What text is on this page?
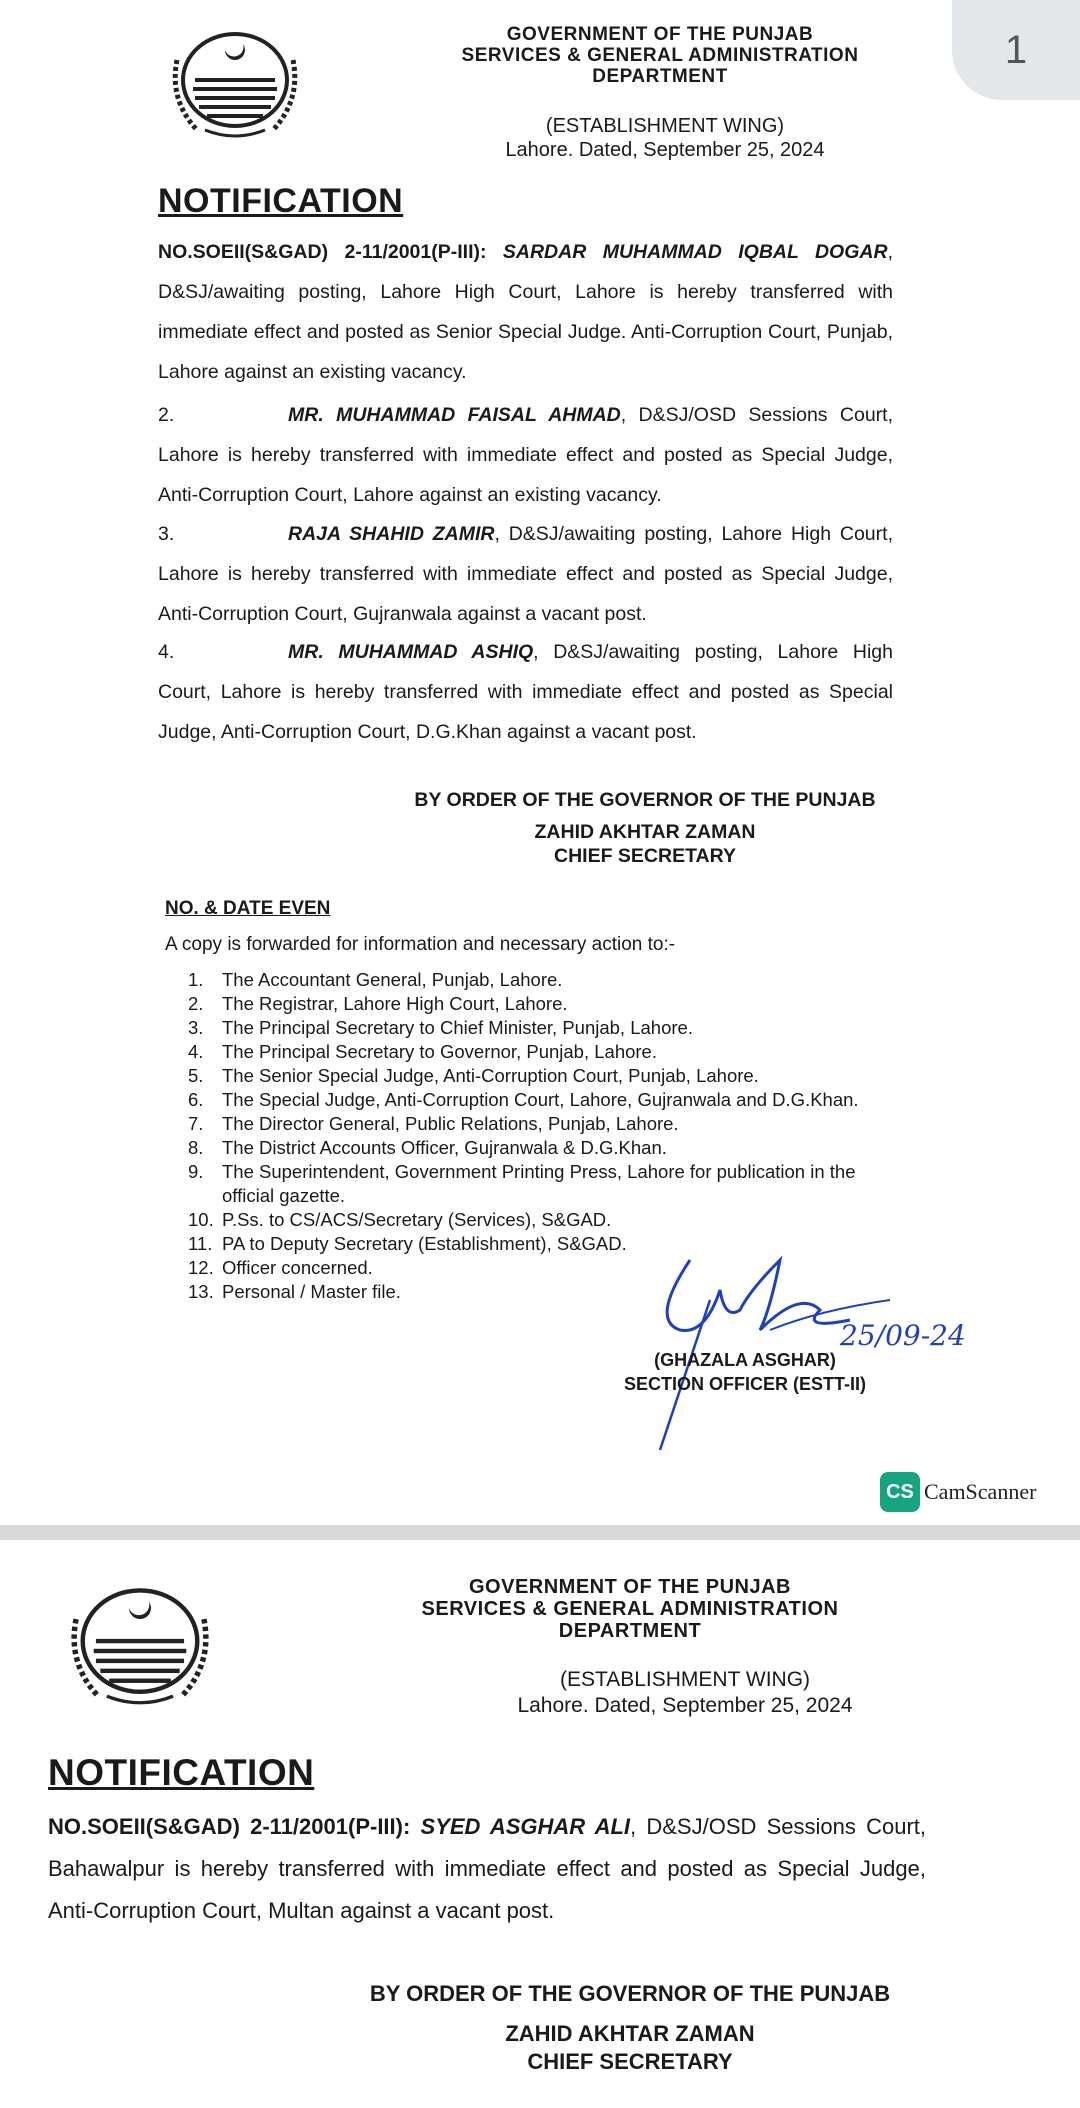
1
GOVERNMENT OF THE PUNJAB
SERVICES & GENERAL ADMINISTRATION
DEPARTMENT
(ESTABLISHMENT WING)
Lahore. Dated, September 25, 2024
NOTIFICATION
NO.SOEII(S&GAD) 2-11/2001(P-III): SARDAR MUHAMMAD IQBAL DOGAR, D&SJ/awaiting posting, Lahore High Court, Lahore is hereby transferred with immediate effect and posted as Senior Special Judge. Anti-Corruption Court, Punjab, Lahore against an existing vacancy.
2.	MR. MUHAMMAD FAISAL AHMAD, D&SJ/OSD Sessions Court, Lahore is hereby transferred with immediate effect and posted as Special Judge, Anti-Corruption Court, Lahore against an existing vacancy.
3.	RAJA SHAHID ZAMIR, D&SJ/awaiting posting, Lahore High Court, Lahore is hereby transferred with immediate effect and posted as Special Judge, Anti-Corruption Court, Gujranwala against a vacant post.
4.	MR. MUHAMMAD ASHIQ, D&SJ/awaiting posting, Lahore High Court, Lahore is hereby transferred with immediate effect and posted as Special Judge, Anti-Corruption Court, D.G.Khan against a vacant post.
BY ORDER OF THE GOVERNOR OF THE PUNJAB
ZAHID AKHTAR ZAMAN
CHIEF SECRETARY
NO. & DATE EVEN
A copy is forwarded for information and necessary action to:-
1.	The Accountant General, Punjab, Lahore.
2.	The Registrar, Lahore High Court, Lahore.
3.	The Principal Secretary to Chief Minister, Punjab, Lahore.
4.	The Principal Secretary to Governor, Punjab, Lahore.
5.	The Senior Special Judge, Anti-Corruption Court, Punjab, Lahore.
6.	The Special Judge, Anti-Corruption Court, Lahore, Gujranwala and D.G.Khan.
7.	The Director General, Public Relations, Punjab, Lahore.
8.	The District Accounts Officer, Gujranwala & D.G.Khan.
9.	The Superintendent, Government Printing Press, Lahore for publication in the official gazette.
10. P.Ss. to CS/ACS/Secretary (Services), S&GAD.
11. PA to Deputy Secretary (Establishment), S&GAD.
12. Officer concerned.
13. Personal / Master file.
25/09-24
(GHAZALA ASGHAR)
SECTION OFFICER (ESTT-II)
CS CamScanner
GOVERNMENT OF THE PUNJAB
SERVICES & GENERAL ADMINISTRATION
DEPARTMENT
(ESTABLISHMENT WING)
Lahore. Dated, September 25, 2024
NOTIFICATION
NO.SOEII(S&GAD) 2-11/2001(P-III): SYED ASGHAR ALI, D&SJ/OSD Sessions Court, Bahawalpur is hereby transferred with immediate effect and posted as Special Judge, Anti-Corruption Court, Multan against a vacant post.
BY ORDER OF THE GOVERNOR OF THE PUNJAB
ZAHID AKHTAR ZAMAN
CHIEF SECRETARY
